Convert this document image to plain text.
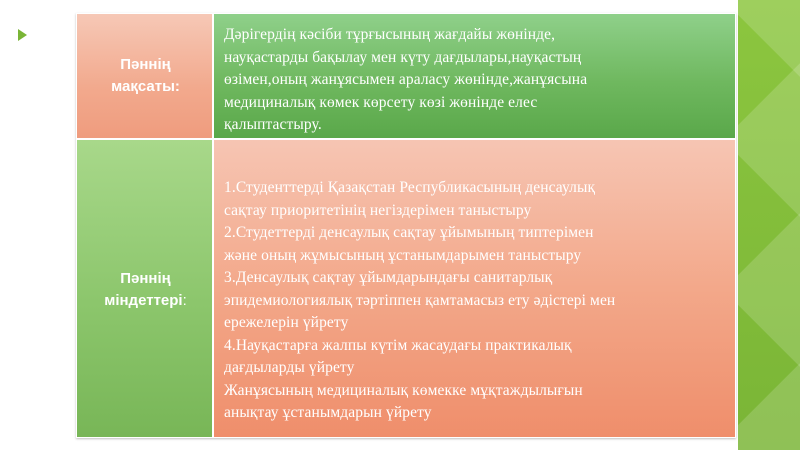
Пәннің
мақсаты:
Дәрігердің кәсіби тұрғысының жағдайы жөнінде,
науқастарды бақылау мен күту дағдылары,науқастың
өзімен,оның жанұясымен араласу жөнінде,жанұясына
медициналық көмек көрсету көзі жөнінде елес
қалыптастыру.
Пәннің
міндеттері:
1.Студенттерді Қазақстан Республикасының денсаулық
сақтау приоритетінің негіздерімен таныстыру
2.Студеттерді денсаулық сақтау ұйымының типтерімен
және оның жұмысының ұстанымдарымен таныстыру
3.Денсаулық сақтау ұйымдарындағы санитарлық
эпидемиологиялық тәртіппен қамтамасыз ету әдістері мен
ережелерін үйрету
4.Науқастарға жалпы күтім жасаудағы практикалық
дағдыларды үйрету
Жанұясының медициналық көмекке мұқтаждылығын
анықтау ұстанымдарын үйрету
